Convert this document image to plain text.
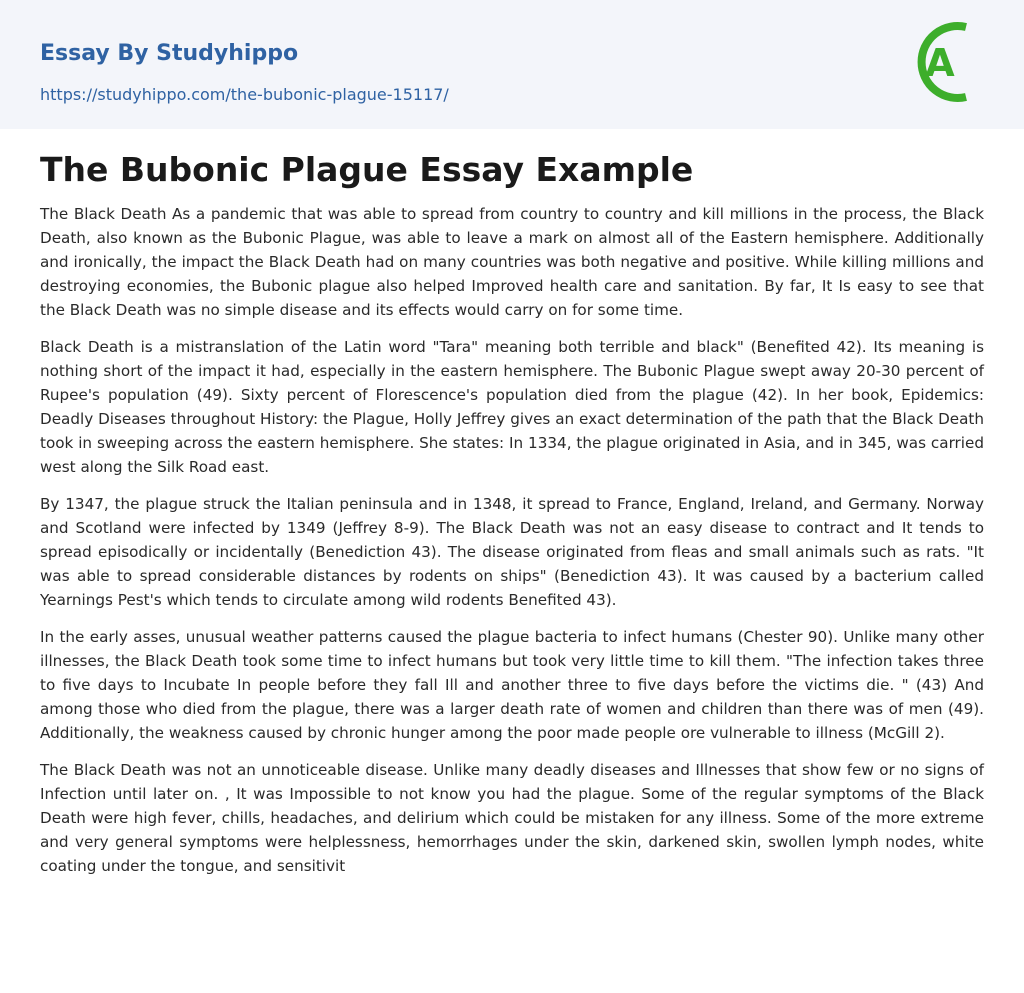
Essay By Studyhippo
https://studyhippo.com/the-bubonic-plague-15117/
A
The Bubonic Plague Essay Example

The Black Death As a pandemic that was able to spread from country to country and kill millions in the process, the Black Death, also known as the Bubonic Plague, was able to leave a mark on almost all of the Eastern hemisphere. Additionally and ironically, the impact the Black Death had on many countries was both negative and positive. While killing millions and destroying economies, the Bubonic plague also helped Improved health care and sanitation. By far, It Is easy to see that the Black Death was no simple disease and its effects would carry on for some time.

Black Death is a mistranslation of the Latin word "Tara" meaning both terrible and black" (Benefited 42). Its meaning is nothing short of the impact it had, especially in the eastern hemisphere. The Bubonic Plague swept away 20-30 percent of Rupee's population (49). Sixty percent of Florescence's population died from the plague (42). In her book, Epidemics: Deadly Diseases throughout History: the Plague, Holly Jeffrey gives an exact determination of the path that the Black Death took in sweeping across the eastern hemisphere. She states: In 1334, the plague originated in Asia, and in 345, was carried west along the Silk Road east.

By 1347, the plague struck the Italian peninsula and in 1348, it spread to France, England, Ireland, and Germany. Norway and Scotland were infected by 1349 (Jeffrey 8-9). The Black Death was not an easy disease to contract and It tends to spread episodically or incidentally (Benediction 43). The disease originated from fleas and small animals such as rats. "It was able to spread considerable distances by rodents on ships" (Benediction 43). It was caused by a bacterium called Yearnings Pest's which tends to circulate among wild rodents Benefited 43).

In the early asses, unusual weather patterns caused the plague bacteria to infect humans (Chester 90). Unlike many other illnesses, the Black Death took some time to infect humans but took very little time to kill them. "The infection takes three to five days to Incubate In people before they fall Ill and another three to five days before the victims die. " (43) And among those who died from the plague, there was a larger death rate of women and children than there was of men (49). Additionally, the weakness caused by chronic hunger among the poor made people ore vulnerable to illness (McGill 2).

The Black Death was not an unnoticeable disease. Unlike many deadly diseases and Illnesses that show few or no signs of Infection until later on. , It was Impossible to not know you had the plague. Some of the regular symptoms of the Black Death were high fever, chills, headaches, and delirium which could be mistaken for any illness. Some of the more extreme and very general symptoms were helplessness, hemorrhages under the skin, darkened skin, swollen lymph nodes, white coating under the tongue, and sensitivit
